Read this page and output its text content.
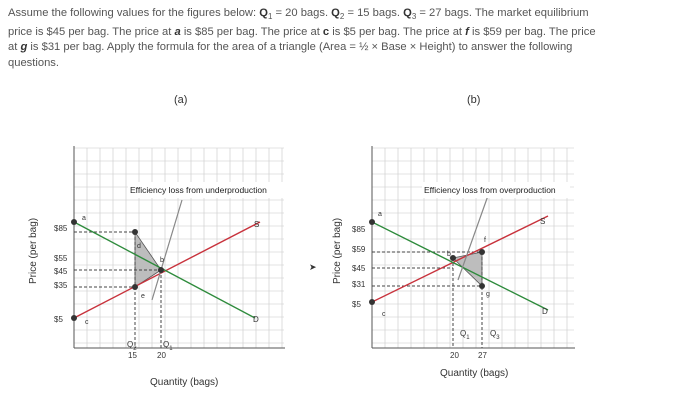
Assume the following values for the figures below: $Q_1 = 20$ bags. $Q_2 = 15$ bags. $Q_3 = 27$ bags. The market equilibrium
price is $45 per bag. The price at a is $85 per bag. The price at c is $5 per bag. The price at f is $59 per bag. The price
at g is $31 per bag. Apply the formula for the area of a triangle (Area = ½ × Base × Height) to answer the following
questions.
(a)	(b)
Efficiency loss from underproduction
$85
$55
$45
$35
$5
a
d
b
e
c
S
D
$Q_2$	$Q_1$
15	20
Price (per bag)
Quantity (bags)
➤
Efficiency loss from overproduction
$85
$59
$45
$31
$5
a
b
f
g
c
S
D
$Q_1$	$Q_3$
20 27
Price (per bag)
Quantity (bags)
